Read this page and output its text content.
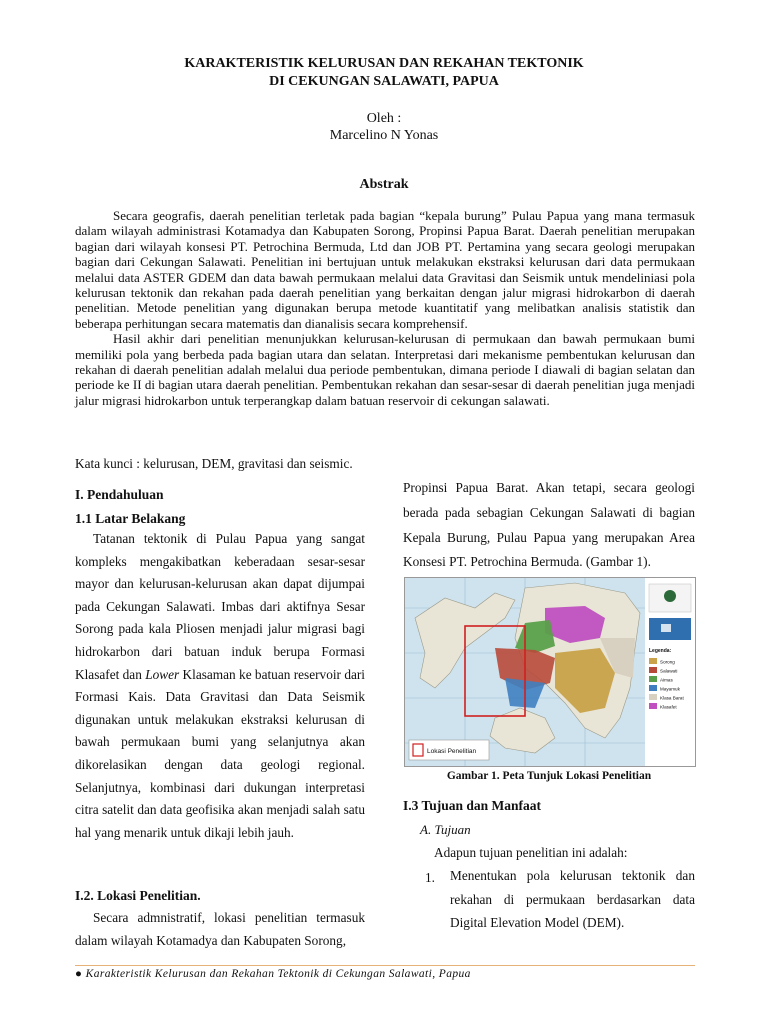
KARAKTERISTIK KELURUSAN DAN REKAHAN TEKTONIK
DI CEKUNGAN SALAWATI, PAPUA
Oleh :
Marcelino N Yonas
Abstrak

Secara geografis, daerah penelitian terletak pada bagian “kepala burung” Pulau Papua yang mana termasuk dalam wilayah administrasi Kotamadya dan Kabupaten Sorong, Propinsi Papua Barat. Daerah penelitian merupakan bagian dari wilayah konsesi PT. Petrochina Bermuda, Ltd dan JOB PT. Pertamina yang secara geologi merupakan bagian dari Cekungan Salawati. Penelitian ini bertujuan untuk melakukan ekstraksi kelurusan dari data permukaan melalui data ASTER GDEM dan data bawah permukaan melalui data Gravitasi dan Seismik untuk mendeliniasi pola kelurusan tektonik dan rekahan pada daerah penelitian yang berkaitan dengan jalur migrasi hidrokarbon di daerah penelitian. Metode penelitian yang digunakan berupa metode kuantitatif yang melibatkan analisis statistik dan beberapa perhitungan secara matematis dan dianalisis secara komprehensif.

Hasil akhir dari penelitian menunjukkan kelurusan-kelurusan di permukaan dan bawah permukaan bumi memiliki pola yang berbeda pada bagian utara dan selatan. Interpretasi dari mekanisme pembentukan kelurusan dan rekahan di daerah penelitian adalah melalui dua periode pembentukan, dimana periode I diawali di bagian selatan dan periode ke II di bagian utara daerah penelitian. Pembentukan rekahan dan sesar-sesar di daerah penelitian juga menjadi jalur migrasi hidrokarbon untuk terperangkap dalam batuan reservoir di cekungan salawati.

Kata kunci : kelurusan, DEM, gravitasi dan seismic.
I. Pendahuluan
1.1 Latar Belakang

Tatanan tektonik di Pulau Papua yang sangat kompleks mengakibatkan keberadaan sesar-sesar mayor dan kelurusan-kelurusan akan dapat dijumpai pada Cekungan Salawati. Imbas dari aktifnya Sesar Sorong pada kala Pliosen menjadi jalur migrasi bagi hidrokarbon dari batuan induk berupa Formasi Klasafet dan Lower Klasaman ke batuan reservoir dari Formasi Kais. Data Gravitasi dan Data Seismik digunakan untuk melakukan ekstraksi kelurusan di bawah permukaan bumi yang selanjutnya akan dikorelasikan dengan data geologi regional. Selanjutnya, kombinasi dari dukungan interpretasi citra satelit dan data geofisika akan menjadi salah satu hal yang menarik untuk dikaji lebih jauh.

I.2. Lokasi Penelitian.

Secara admnistratif, lokasi penelitian termasuk dalam wilayah Kotamadya dan Kabupaten Sorong,

Propinsi Papua Barat. Akan tetapi, secara geologi berada pada sebagian Cekungan Salawati di bagian Kepala Burung, Pulau Papua yang merupakan Area Konsesi PT. Petrochina Bermuda. (Gambar 1).

Lokasi Penelitian
Legenda:
Sorong
Salawati
Aimas
Mayamuk
Klasa Barat
Klasafet
Gambar 1. Peta Tunjuk Lokasi Penelitian
I.3 Tujuan dan Manfaat
A. Tujuan
Adapun tujuan penelitian ini adalah:
1. Menentukan pola kelurusan tektonik dan rekahan di permukaan berdasarkan data Digital Elevation Model (DEM).

● Karakteristik Kelurusan dan Rekahan Tektonik di Cekungan Salawati, Papua
